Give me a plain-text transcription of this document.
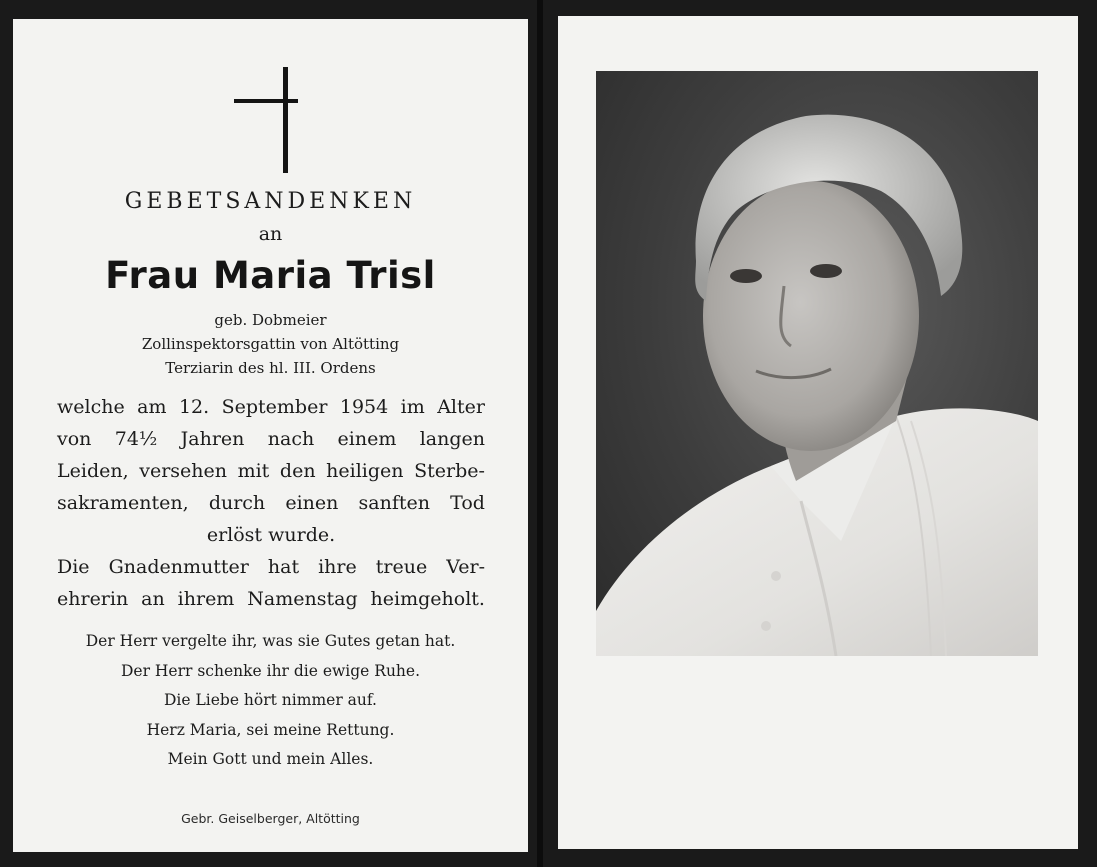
GEBETSANDENKEN
an
Frau Maria Trisl
geb. Dobmeier
Zollinspektorsgattin von Altötting
Terziarin des hl. III. Ordens
welche am 12. September 1954 im Alter
von 74½ Jahren nach einem langen
Leiden, versehen mit den heiligen Sterbe-
sakramenten, durch einen sanften Tod
erlöst wurde.
Die Gnadenmutter hat ihre treue Ver-
ehrerin an ihrem Namenstag heimgeholt.
Der Herr vergelte ihr, was sie Gutes getan hat.
Der Herr schenke ihr die ewige Ruhe.
Die Liebe hört nimmer auf.
Herz Maria, sei meine Rettung.
Mein Gott und mein Alles.
Gebr. Geiselberger, Altötting
